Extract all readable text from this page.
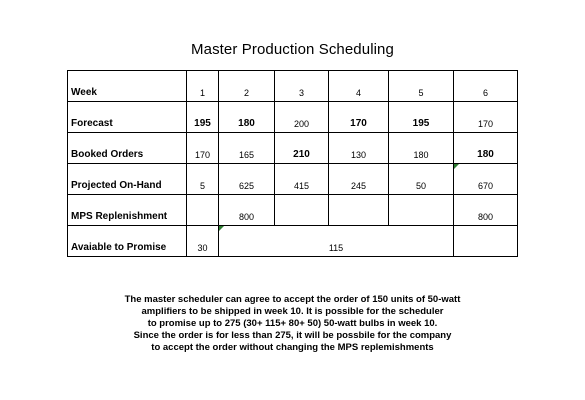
Master Production Scheduling
Week	1	2	3	4	5	6
Forecast	195	180	200	170	195	170
Booked Orders	170	165	210	130	180	180
Projected On-Hand	5	625	415	245	50	670
MPS Replenishment		800				800
Avaiable to Promise	30	115				
The master scheduler can agree to accept the order of 150 units of 50-watt
amplifiers to be shipped in week 10. It is possible for the scheduler
to promise up to 275 (30+ 115+ 80+ 50) 50-watt bulbs in week 10.
Since the order is for less than 275, it will be possbile for the company
to accept the order without changing the MPS replemishments
